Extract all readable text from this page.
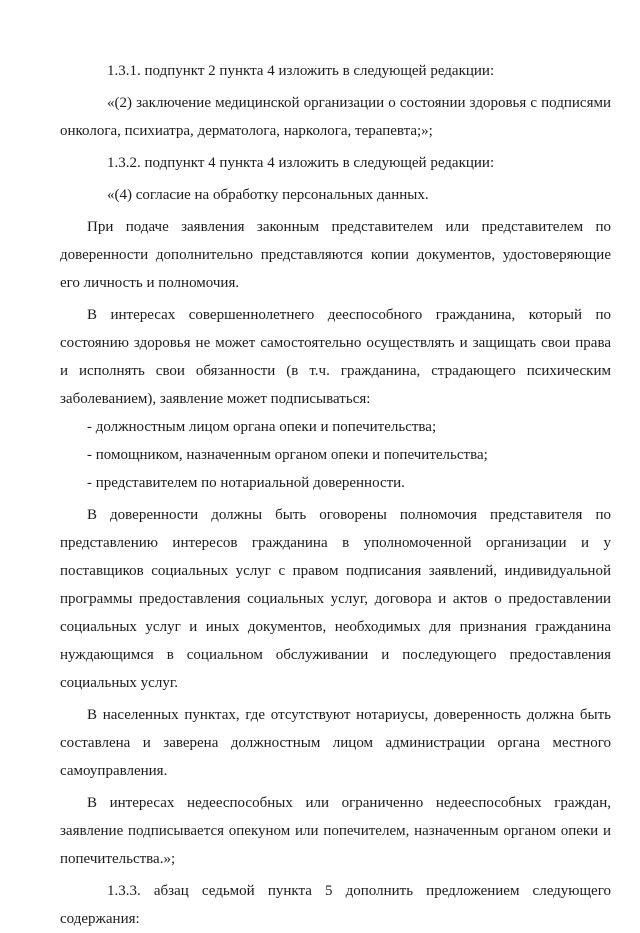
1.3.1. подпункт 2 пункта 4 изложить в следующей редакции:
«(2) заключение медицинской организации о состоянии здоровья с подписями
онколога, психиатра, дерматолога, нарколога, терапевта;»;
1.3.2. подпункт 4 пункта 4 изложить в следующей редакции:
«(4) согласие на обработку персональных данных.
При подаче заявления законным представителем или представителем по
доверенности дополнительно представляются копии документов, удостоверяющие
его личность и полномочия.
В интересах совершеннолетнего дееспособного гражданина, который по
состоянию здоровья не может самостоятельно осуществлять и защищать свои права
и исполнять свои обязанности (в т.ч. гражданина, страдающего психическим
заболеванием), заявление может подписываться:
- должностным лицом органа опеки и попечительства;
- помощником, назначенным органом опеки и попечительства;
- представителем по нотариальной доверенности.
В доверенности должны быть оговорены полномочия представителя по
представлению интересов гражданина в уполномоченной организации и у
поставщиков социальных услуг с правом подписания заявлений, индивидуальной
программы предоставления социальных услуг, договора и актов о предоставлении
социальных услуг и иных документов, необходимых для признания гражданина
нуждающимся в социальном обслуживании и последующего предоставления
социальных услуг.
В населенных пунктах, где отсутствуют нотариусы, доверенность должна быть
составлена и заверена должностным лицом администрации органа местного
самоуправления.
В интересах недееспособных или ограниченно недееспособных граждан,
заявление подписывается опекуном или попечителем, назначенным органом опеки и
попечительства.»;
1.3.3. абзац седьмой пункта 5 дополнить предложением следующего
содержания:
